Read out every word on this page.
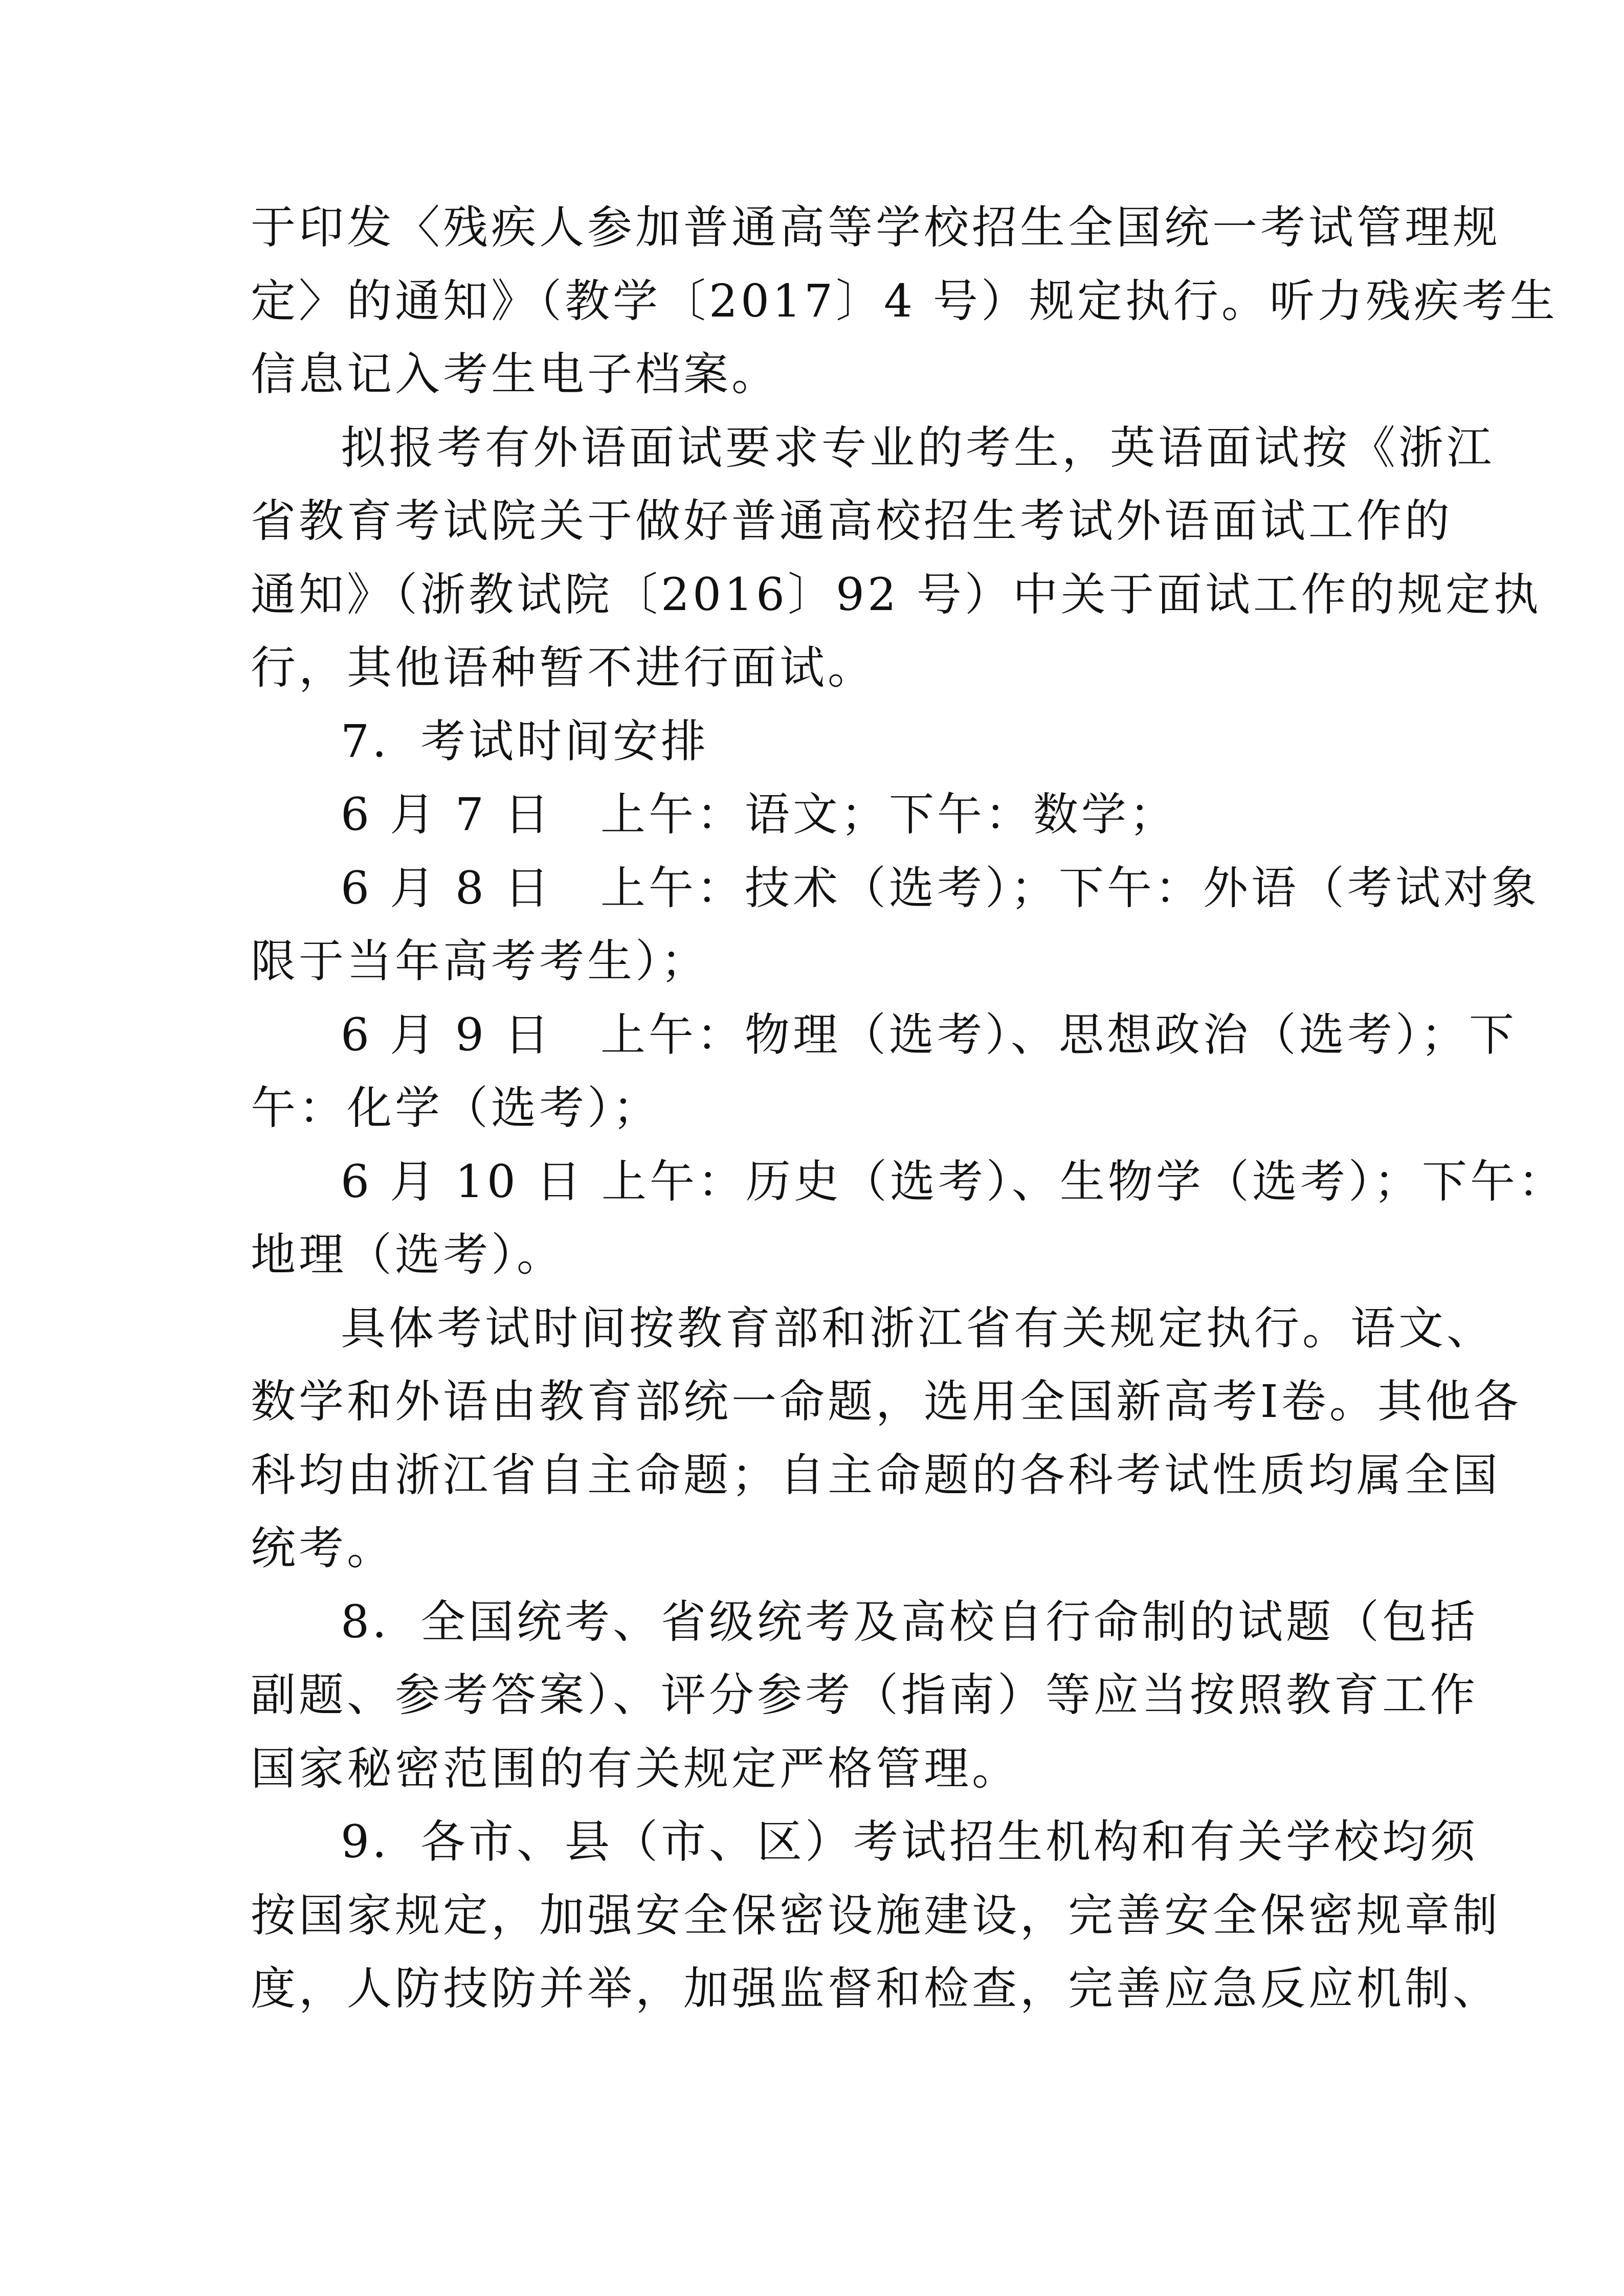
于印发〈残疾人参加普通高等学校招生全国统一考试管理规
定〉的通知》（教学〔2017〕4 号）规定执行。听力残疾考生
信息记入考生电子档案。
拟报考有外语面试要求专业的考生，英语面试按《浙江
省教育考试院关于做好普通高校招生考试外语面试工作的
通知》（浙教试院〔2016〕92 号）中关于面试工作的规定执
行，其他语种暂不进行面试。
7．考试时间安排
6 月 7 日　上午：语文；下午：数学；
6 月 8 日　上午：技术（选考）；下午：外语（考试对象
限于当年高考考生）；
6 月 9 日　上午：物理（选考）、思想政治（选考）；下
午：化学（选考）；
6 月 10 日 上午：历史（选考）、生物学（选考）；下午：
地理（选考）。
具体考试时间按教育部和浙江省有关规定执行。语文、
数学和外语由教育部统一命题，选用全国新高考I卷。其他各
科均由浙江省自主命题；自主命题的各科考试性质均属全国
统考。
8．全国统考、省级统考及高校自行命制的试题（包括
副题、参考答案）、评分参考（指南）等应当按照教育工作
国家秘密范围的有关规定严格管理。
9．各市、县（市、区）考试招生机构和有关学校均须
按国家规定，加强安全保密设施建设，完善安全保密规章制
度，人防技防并举，加强监督和检查，完善应急反应机制、
